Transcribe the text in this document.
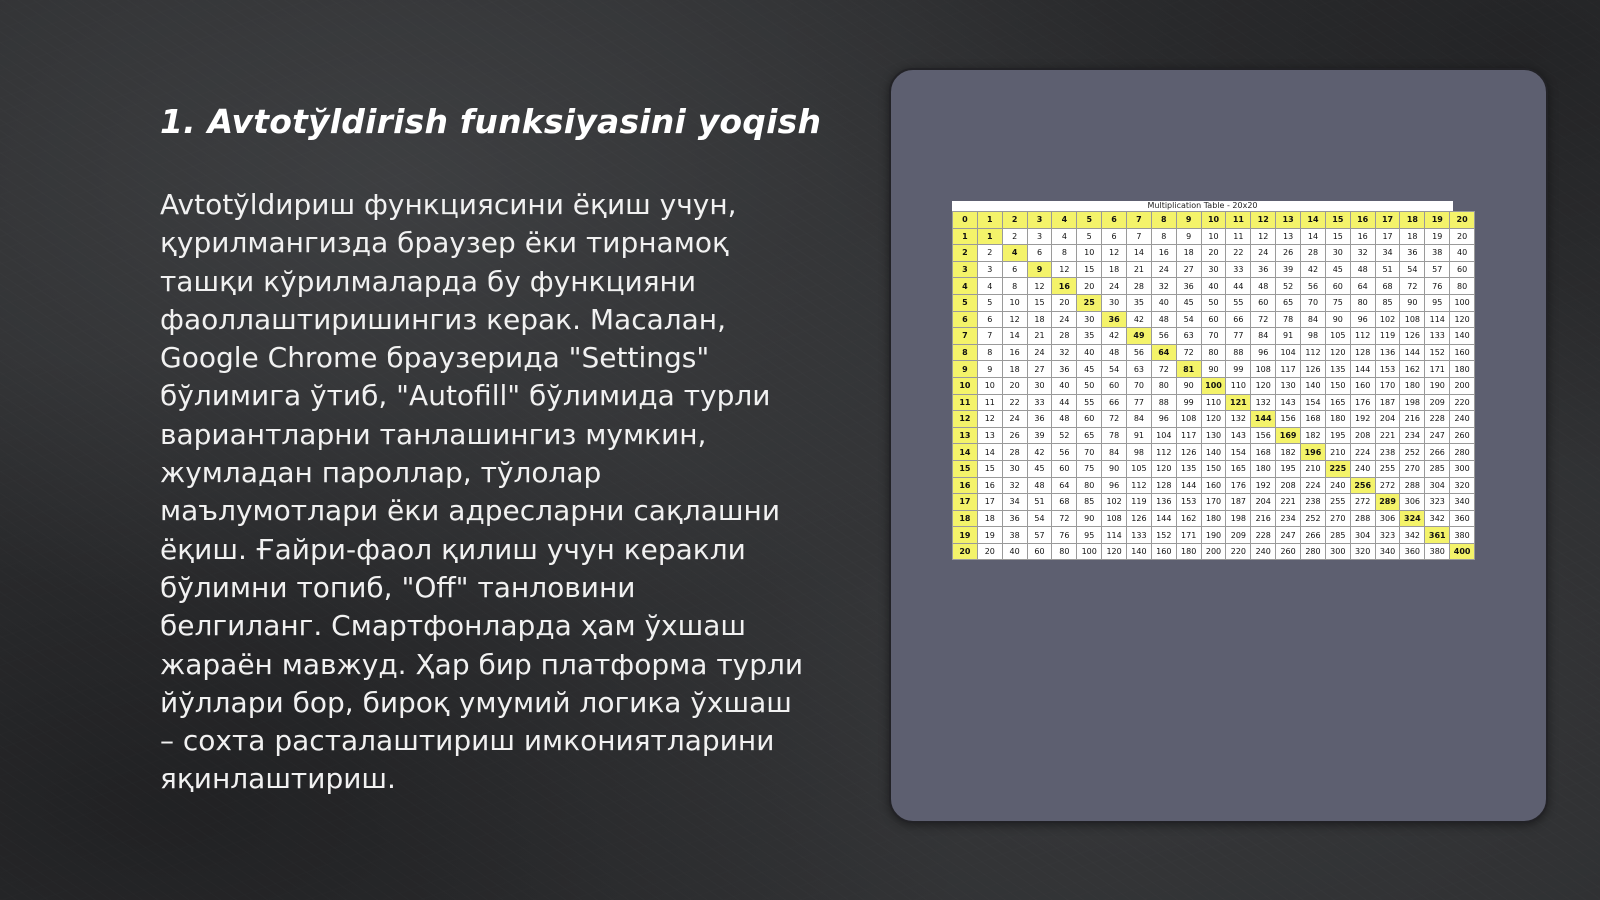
1. Avtotўldirish funksiyasini yoqish

Avtotўldириш функциясини ёқиш учун,
қурилмангизда браузер ёки тирнамоқ
ташқи кўрилмаларда бу функцияни
фаоллаштиришингиз керак. Масалан,
Google Chrome браузерида "Settings"
бўлимига ўтиб, "Autofill" бўлимида турли
вариантларни танлашингиз мумкин,
жумладан пароллар, тўлолар
маълумотлари ёки адресларни сақлашни
ёқиш. Ғайри-фаол қилиш учун керакли
бўлимни топиб, "Off" танловини
белгиланг. Смартфонларда ҳам ўхшаш
жараён мавжуд. Ҳар бир платформа турли
йўллари бор, бироқ умумий логика ўхшаш
– сохта расталаштириш имкониятларини
яқинлаштириш.

Multiplication Table - 20x20
0	1	2	3	4	5	6	7	8	9	10	11	12	13	14	15	16	17	18	19	20
1	1	2	3	4	5	6	7	8	9	10	11	12	13	14	15	16	17	18	19	20
2	2	4	6	8	10	12	14	16	18	20	22	24	26	28	30	32	34	36	38	40
3	3	6	9	12	15	18	21	24	27	30	33	36	39	42	45	48	51	54	57	60
4	4	8	12	16	20	24	28	32	36	40	44	48	52	56	60	64	68	72	76	80
5	5	10	15	20	25	30	35	40	45	50	55	60	65	70	75	80	85	90	95	100
6	6	12	18	24	30	36	42	48	54	60	66	72	78	84	90	96	102	108	114	120
7	7	14	21	28	35	42	49	56	63	70	77	84	91	98	105	112	119	126	133	140
8	8	16	24	32	40	48	56	64	72	80	88	96	104	112	120	128	136	144	152	160
9	9	18	27	36	45	54	63	72	81	90	99	108	117	126	135	144	153	162	171	180
10	10	20	30	40	50	60	70	80	90	100	110	120	130	140	150	160	170	180	190	200
11	11	22	33	44	55	66	77	88	99	110	121	132	143	154	165	176	187	198	209	220
12	12	24	36	48	60	72	84	96	108	120	132	144	156	168	180	192	204	216	228	240
13	13	26	39	52	65	78	91	104	117	130	143	156	169	182	195	208	221	234	247	260
14	14	28	42	56	70	84	98	112	126	140	154	168	182	196	210	224	238	252	266	280
15	15	30	45	60	75	90	105	120	135	150	165	180	195	210	225	240	255	270	285	300
16	16	32	48	64	80	96	112	128	144	160	176	192	208	224	240	256	272	288	304	320
17	17	34	51	68	85	102	119	136	153	170	187	204	221	238	255	272	289	306	323	340
18	18	36	54	72	90	108	126	144	162	180	198	216	234	252	270	288	306	324	342	360
19	19	38	57	76	95	114	133	152	171	190	209	228	247	266	285	304	323	342	361	380
20	20	40	60	80	100	120	140	160	180	200	220	240	260	280	300	320	340	360	380	400
